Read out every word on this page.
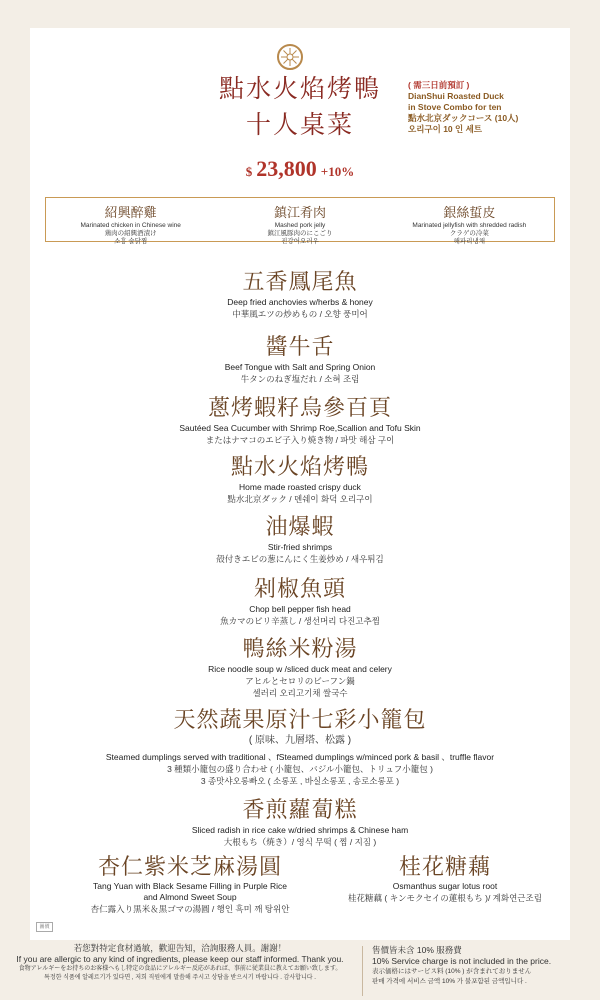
點水火焰烤鴨
十人桌菜
( 需三日前預訂 )
DianShui Roasted Duck
in Stove Combo for ten
點水北京ダックコース (10人)
오리구이 10 인 세트
$ 23,800 +10%
紹興醉雞
Marinated chicken in Chinese wine
鶏肉の紹興酒漬け
소흥 술닭찜
鎮江肴肉
Mashed pork jelly
鎮江風豚肉のにこごり
진강어오러우
銀絲蜇皮
Marinated jellyfish with shredded radish
クラゲの冷菜
해파리냉채
五香鳳尾魚
Deep fried anchovies w/herbs & honey
中華風エツの炒めもの / 오향 풍미어
醬牛舌
Beef Tongue with Salt and Spring Onion
牛タンのねぎ塩だれ / 소혀 조림
蔥烤蝦籽烏參百頁
Sautéed Sea Cucumber with Shrimp Roe,Scallion and Tofu Skin
またはナマコのエビ子入り焼き物 / 파맛 해삼 구이
點水火焰烤鴨
Home made roasted crispy duck
點水北京ダック / 뎬쉐이 화덕 오리구이
油爆蝦
Stir-fried shrimps
殻付きエビの葱にんにく生姜炒め / 새우튀김
剁椒魚頭
Chop bell pepper fish head
魚カマのピリ辛蒸し / 생선머리 다진고추찜
鴨絲米粉湯
Rice noodle soup w /sliced duck meat and celery
アヒルとセロリのビーフン鍋
셀러리 오리고기채 쌀국수
天然蔬果原汁七彩小籠包
( 原味、九層塔、松露 )
Steamed dumplings served with traditional 、fSteamed dumplings w/minced pork & basil 、truffle flavor
3 種類小籠包の盛り合わせ ( 小籠包、バジル小籠包、トリュフ小籠包 )
3 종맛샤오롱빠오 ( 소롱포 , 바실소롱포 , 송로소롱포 )
香煎蘿蔔糕
Sliced radish in rice cake w/dried shrimps & Chinese ham
大根もち（焼き）/ 영식 무떡 ( 찜 / 지짐 )
杏仁紫米芝麻湯圓
Tang Yuan with Black Sesame Filling in Purple Rice
and Almond Sweet Soup
杏仁露入り黒米＆黒ゴマの湯圓 / 행인 흑미 깨 탕위안
桂花糖藕
Osmanthus sugar lotus root
桂花糖藕 ( キンモクセイの蓮根もち )/ 계화연근조림
圖價
若您對特定食材過敏，歡迎告知，洽詢服務人員。謝謝！
If you are allergic to any kind of ingredients, please keep our staff informed. Thank you.
食物アレルギーをお持ちのお客様へもし特定の食品にアレルギー反応があれば、事前に従業員に教えてお願い致します。
특정한 식품에 알레르기가 있다면 , 저희 직원에게 말씀해 주시고 상담을 받으시기 바랍니다 . 감사합니다 .
售價皆未含 10% 服務費
10% Service charge is not included in the price.
表示価格にはサービス料 (10% ) が含まれておりません
판매 가격에 서비스 금액 10% 가 불포함된 금액입니다 .
